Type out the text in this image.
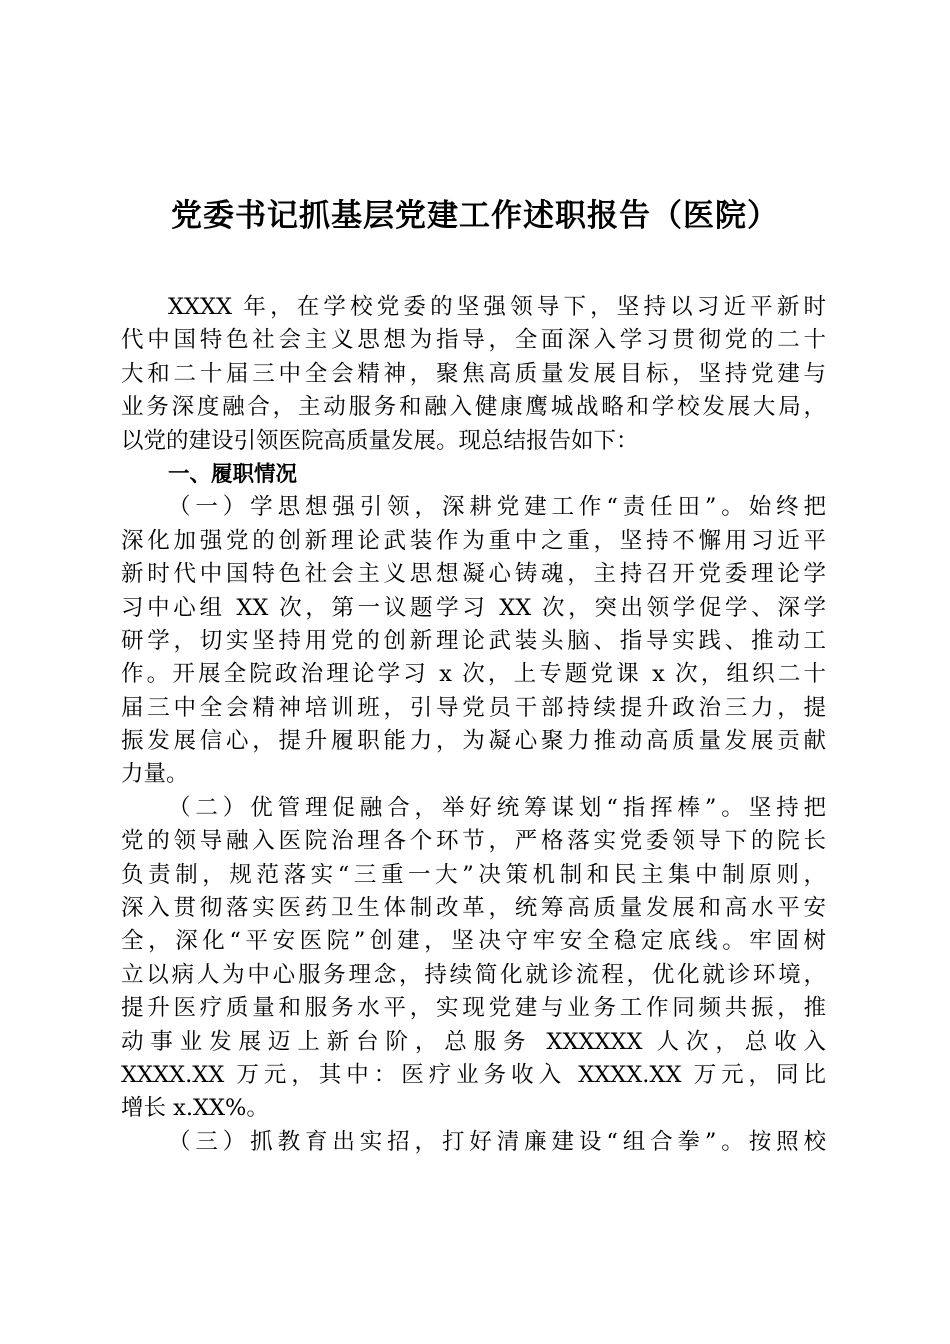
党委书记抓基层党建工作述职报告（医院）
XXXX 年，在学校党委的坚强领导下，坚持以习近平新时
代中国特色社会主义思想为指导，全面深入学习贯彻党的二十
大和二十届三中全会精神，聚焦高质量发展目标，坚持党建与
业务深度融合，主动服务和融入健康鹰城战略和学校发展大局，
以党的建设引领医院高质量发展。现总结报告如下：
一、履职情况
（一）学思想强引领，深耕党建工作“责任田”。始终把
深化加强党的创新理论武装作为重中之重，坚持不懈用习近平
新时代中国特色社会主义思想凝心铸魂，主持召开党委理论学
习中心组 XX 次，第一议题学习 XX 次，突出领学促学、深学
研学，切实坚持用党的创新理论武装头脑、指导实践、推动工
作。开展全院政治理论学习 x 次，上专题党课 x 次，组织二十
届三中全会精神培训班，引导党员干部持续提升政治三力，提
振发展信心，提升履职能力，为凝心聚力推动高质量发展贡献
力量。
（二）优管理促融合，举好统筹谋划“指挥棒”。坚持把
党的领导融入医院治理各个环节，严格落实党委领导下的院长
负责制，规范落实“三重一大”决策机制和民主集中制原则，
深入贯彻落实医药卫生体制改革，统筹高质量发展和高水平安
全，深化“平安医院”创建，坚决守牢安全稳定底线。牢固树
立以病人为中心服务理念，持续简化就诊流程，优化就诊环境，
提升医疗质量和服务水平，实现党建与业务工作同频共振，推
动事业发展迈上新台阶，总服务 XXXXXX 人次，总收入
XXXX.XX 万元，其中：医疗业务收入 XXXX.XX 万元，同比
增长 x.XX%。
（三）抓教育出实招，打好清廉建设“组合拳”。按照校
